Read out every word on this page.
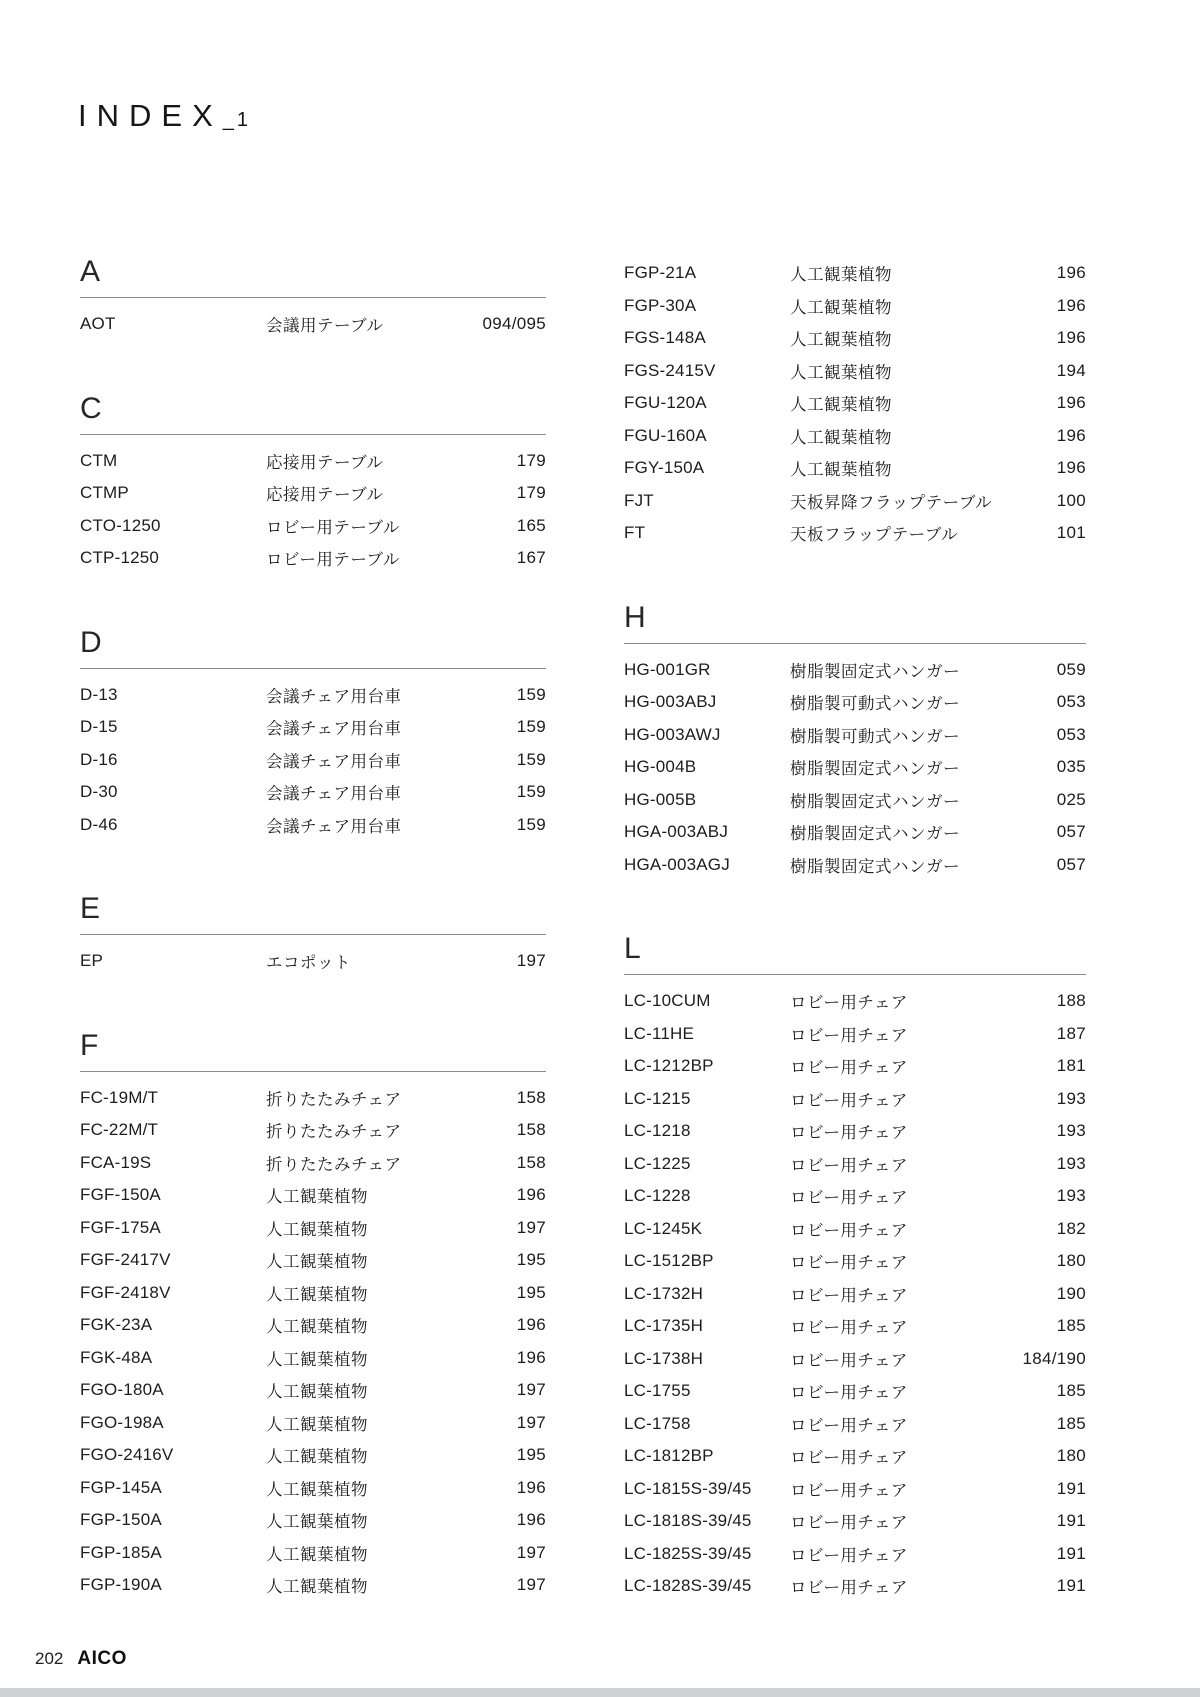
INDEX_1
A
AOT	会議用テーブル	094/095
C
CTM	応接用テーブル	179
CTMP	応接用テーブル	179
CTO-1250	ロビー用テーブル	165
CTP-1250	ロビー用テーブル	167
D
D-13	会議チェア用台車	159
D-15	会議チェア用台車	159
D-16	会議チェア用台車	159
D-30	会議チェア用台車	159
D-46	会議チェア用台車	159
E
EP	エコポット	197
F
FC-19M/T	折りたたみチェア	158
FC-22M/T	折りたたみチェア	158
FCA-19S	折りたたみチェア	158
FGF-150A	人工観葉植物	196
FGF-175A	人工観葉植物	197
FGF-2417V	人工観葉植物	195
FGF-2418V	人工観葉植物	195
FGK-23A	人工観葉植物	196
FGK-48A	人工観葉植物	196
FGO-180A	人工観葉植物	197
FGO-198A	人工観葉植物	197
FGO-2416V	人工観葉植物	195
FGP-145A	人工観葉植物	196
FGP-150A	人工観葉植物	196
FGP-185A	人工観葉植物	197
FGP-190A	人工観葉植物	197
FGP-21A	人工観葉植物	196
FGP-30A	人工観葉植物	196
FGS-148A	人工観葉植物	196
FGS-2415V	人工観葉植物	194
FGU-120A	人工観葉植物	196
FGU-160A	人工観葉植物	196
FGY-150A	人工観葉植物	196
FJT	天板昇降フラップテーブル	100
FT	天板フラップテーブル	101
H
HG-001GR	樹脂製固定式ハンガー	059
HG-003ABJ	樹脂製可動式ハンガー	053
HG-003AWJ	樹脂製可動式ハンガー	053
HG-004B	樹脂製固定式ハンガー	035
HG-005B	樹脂製固定式ハンガー	025
HGA-003ABJ	樹脂製固定式ハンガー	057
HGA-003AGJ	樹脂製固定式ハンガー	057
L
LC-10CUM	ロビー用チェア	188
LC-11HE	ロビー用チェア	187
LC-1212BP	ロビー用チェア	181
LC-1215	ロビー用チェア	193
LC-1218	ロビー用チェア	193
LC-1225	ロビー用チェア	193
LC-1228	ロビー用チェア	193
LC-1245K	ロビー用チェア	182
LC-1512BP	ロビー用チェア	180
LC-1732H	ロビー用チェア	190
LC-1735H	ロビー用チェア	185
LC-1738H	ロビー用チェア	184/190
LC-1755	ロビー用チェア	185
LC-1758	ロビー用チェア	185
LC-1812BP	ロビー用チェア	180
LC-1815S-39/45	ロビー用チェア	191
LC-1818S-39/45	ロビー用チェア	191
LC-1825S-39/45	ロビー用チェア	191
LC-1828S-39/45	ロビー用チェア	191
202 AICO
